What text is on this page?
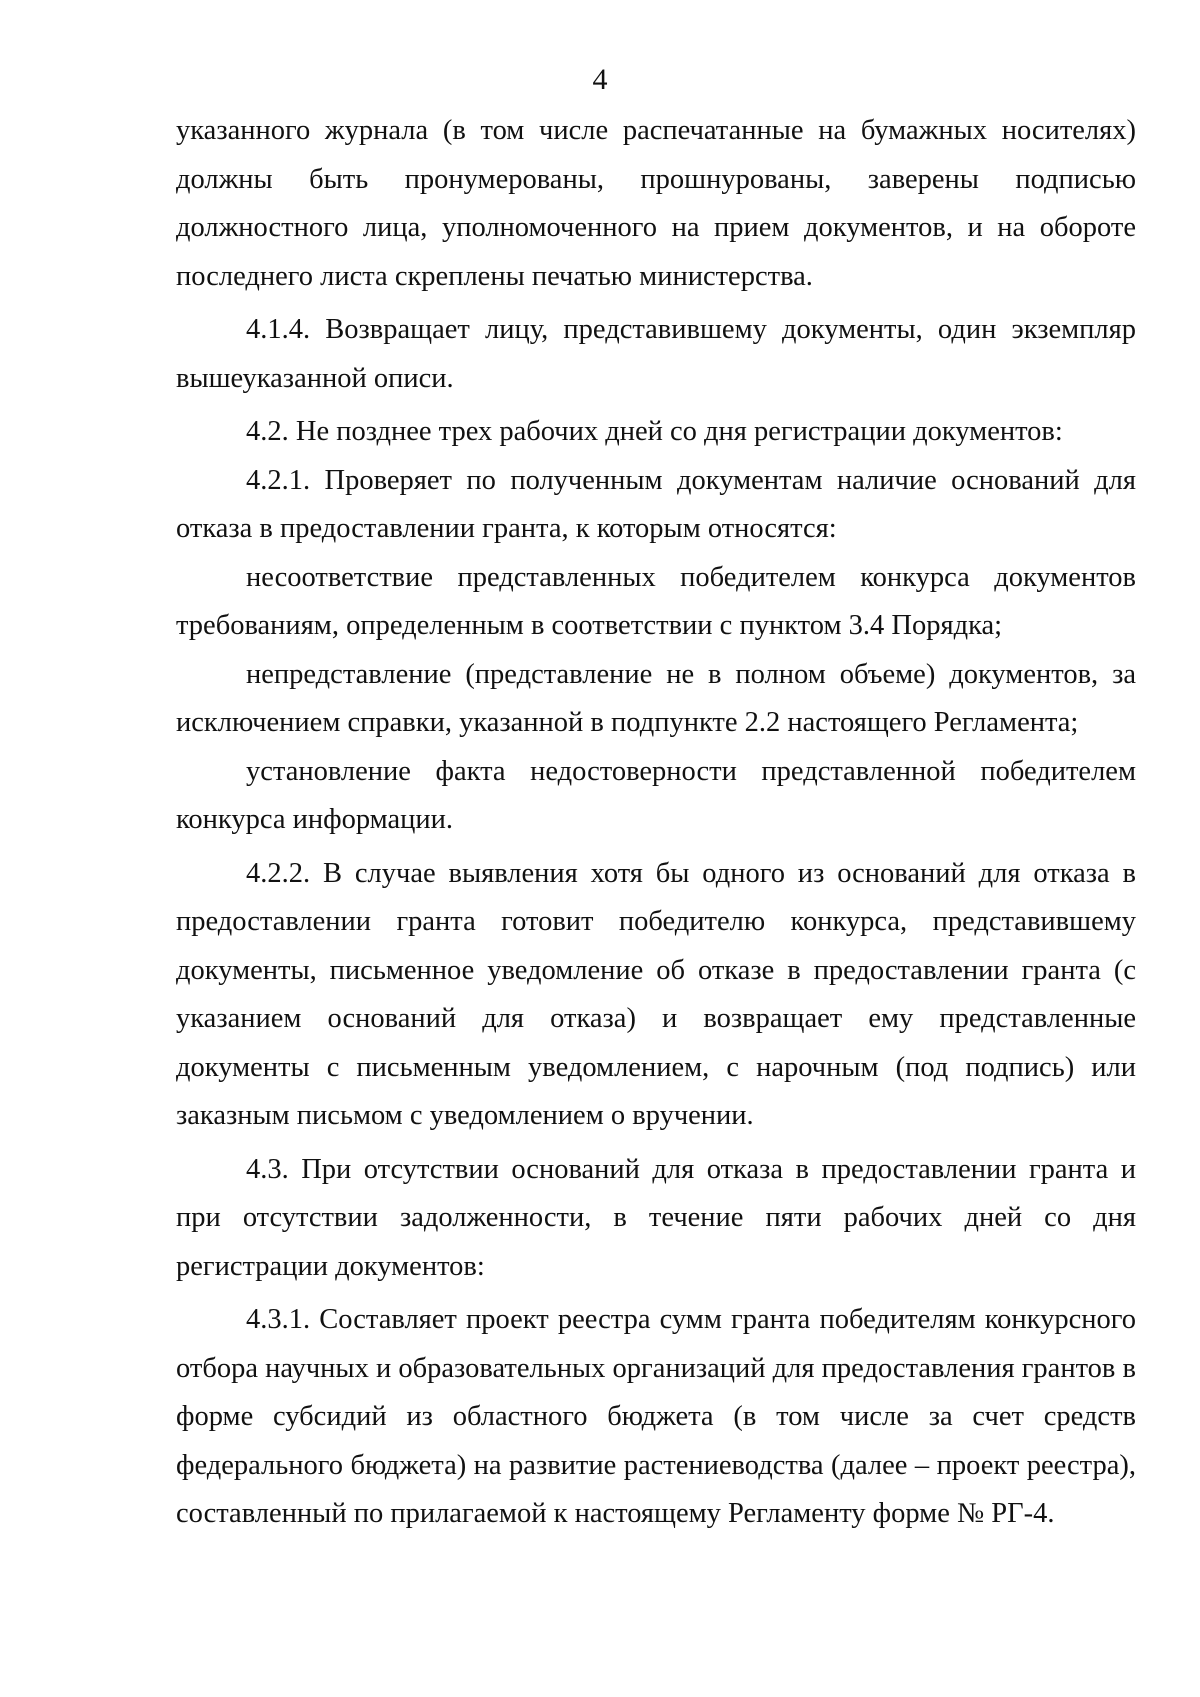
4

указанного журнала (в том числе распечатанные на бумажных носителях) должны быть пронумерованы, прошнурованы, заверены подписью должностного лица, уполномоченного на прием документов, и на обороте последнего листа скреплены печатью министерства.

4.1.4. Возвращает лицу, представившему документы, один экземпляр вышеуказанной описи.

4.2. Не позднее трех рабочих дней со дня регистрации документов:

4.2.1. Проверяет по полученным документам наличие оснований для отказа в предоставлении гранта, к которым относятся:

несоответствие представленных победителем конкурса документов требованиям, определенным в соответствии с пунктом 3.4 Порядка;

непредставление (представление не в полном объеме) документов, за исключением справки, указанной в подпункте 2.2 настоящего Регламента;

установление факта недостоверности представленной победителем конкурса информации.

4.2.2. В случае выявления хотя бы одного из оснований для отказа в предоставлении гранта готовит победителю конкурса, представившему документы, письменное уведомление об отказе в предоставлении гранта (с указанием оснований для отказа) и возвращает ему представленные документы с письменным уведомлением, с нарочным (под подпись) или заказным письмом с уведомлением о вручении.

4.3. При отсутствии оснований для отказа в предоставлении гранта и при отсутствии задолженности, в течение пяти рабочих дней со дня регистрации документов:

4.3.1. Составляет проект реестра сумм гранта победителям конкурсного отбора научных и образовательных организаций для предоставления грантов в форме субсидий из областного бюджета (в том числе за счет средств федерального бюджета) на развитие растениеводства (далее – проект реестра), составленный по прилагаемой к настоящему Регламенту форме № РГ-4.
